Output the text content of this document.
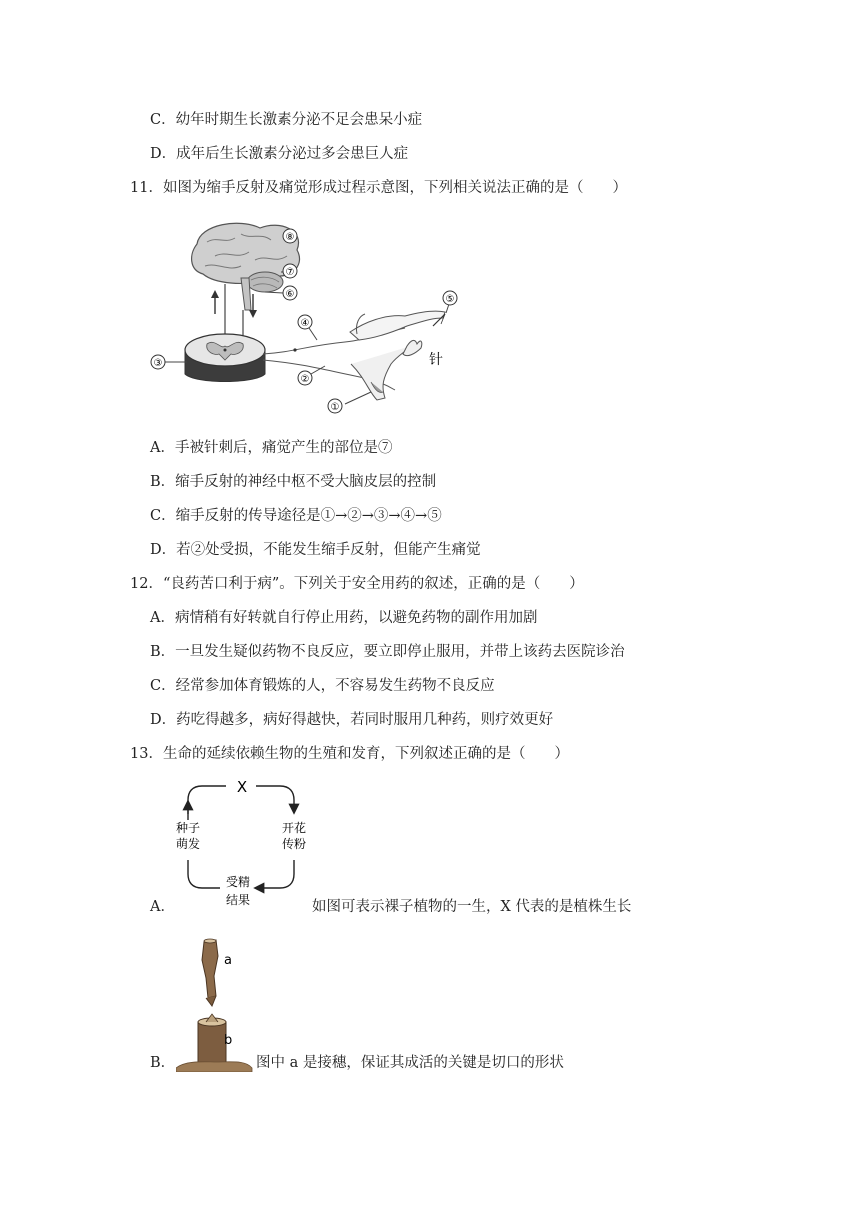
C．幼年时期生长激素分泌不足会患呆小症
D．成年后生长激素分泌过多会患巨人症
11．如图为缩手反射及痛觉形成过程示意图，下列相关说法正确的是（　　）
⑧
⑦
⑥
③
④
②
①
⑤
针
A．手被针刺后，痛觉产生的部位是⑦
B．缩手反射的神经中枢不受大脑皮层的控制
C．缩手反射的传导途径是①→②→③→④→⑤
D．若②处受损，不能发生缩手反射，但能产生痛觉
12．“良药苦口利于病”。下列关于安全用药的叙述，正确的是（　　）
A．病情稍有好转就自行停止用药，以避免药物的副作用加剧
B．一旦发生疑似药物不良反应，要立即停止服用，并带上该药去医院诊治
C．经常参加体育锻炼的人，不容易发生药物不良反应
D．药吃得越多，病好得越快，若同时服用几种药，则疗效更好
13．生命的延续依赖生物的生殖和发育，下列叙述正确的是（　　）
X
开花
传粉
受精
结果
种子
萌发
A．	如图可表示裸子植物的一生，X 代表的是植株生长
a
b
B．	图中 a 是接穗，保证其成活的关键是切口的形状
